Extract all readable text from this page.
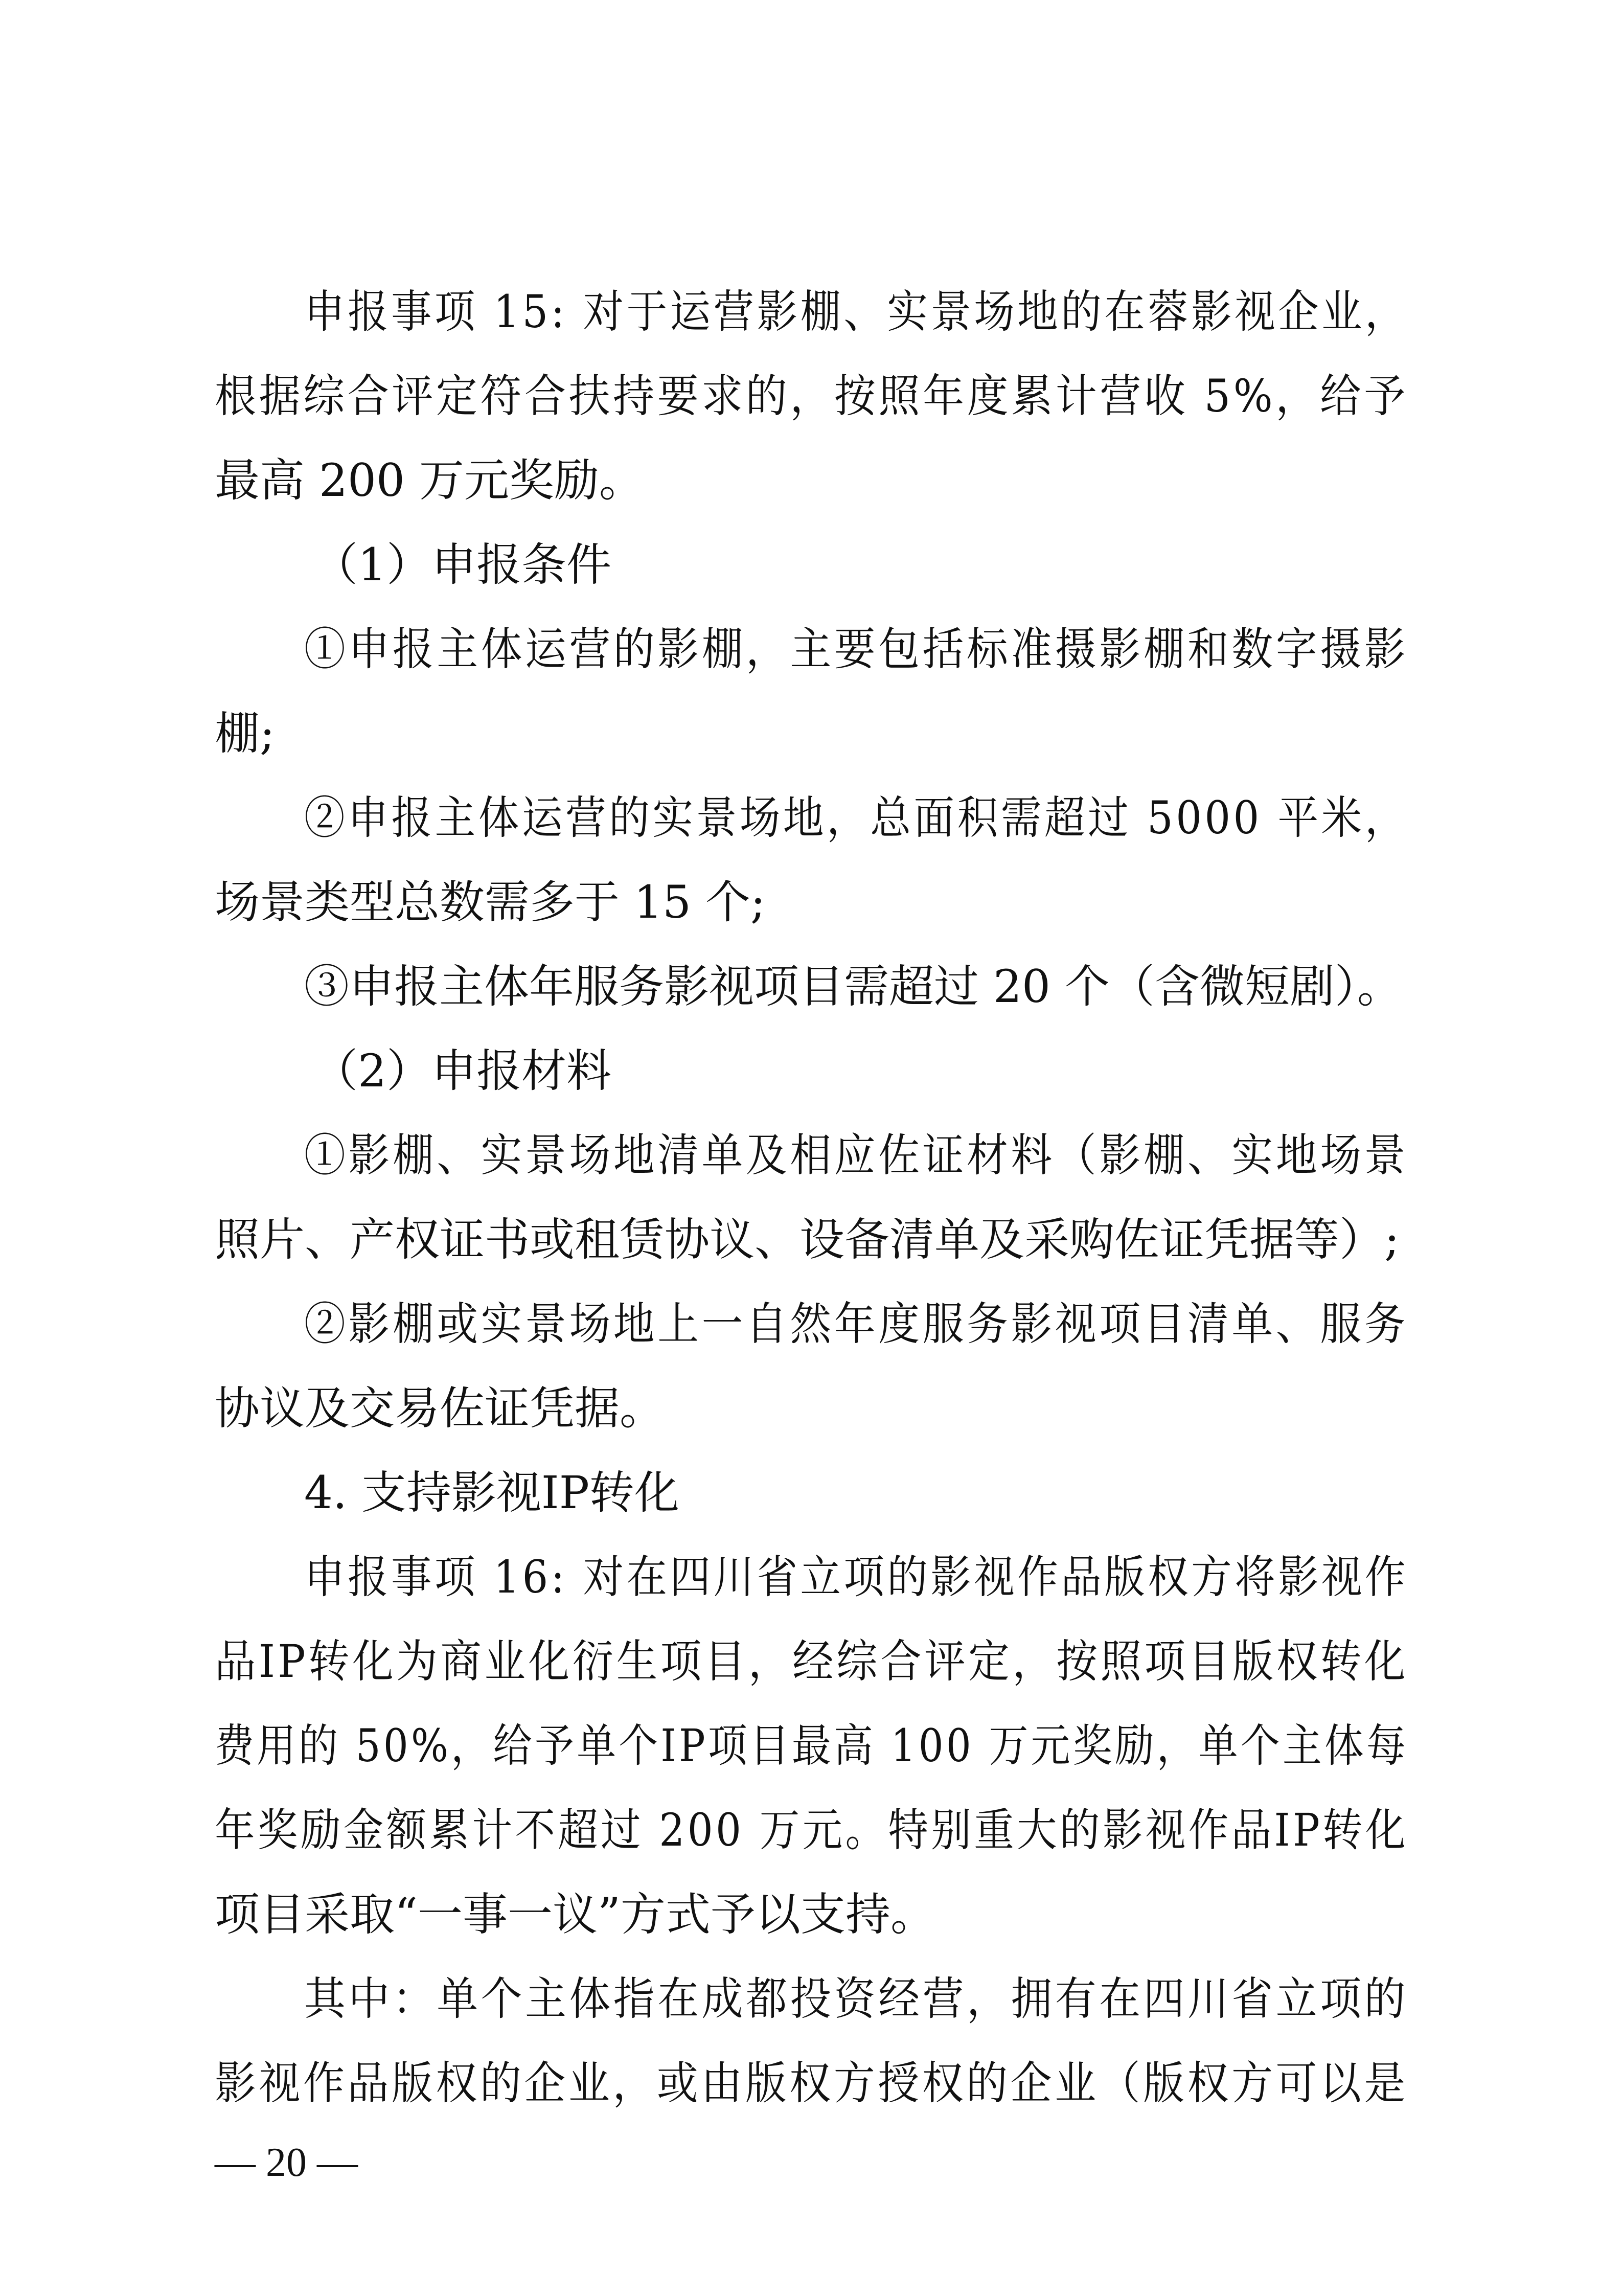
申报事项 15: 对于运营影棚、实景场地的在蓉影视企业，
根据综合评定符合扶持要求的，按照年度累计营收 5%，给予
最高 200 万元奖励。
（1）申报条件
①申报主体运营的影棚，主要包括标准摄影棚和数字摄影
棚;
②申报主体运营的实景场地，总面积需超过 5000 平米，
场景类型总数需多于 15 个;
③申报主体年服务影视项目需超过 20 个（含微短剧）。
（2）申报材料
①影棚、实景场地清单及相应佐证材料（影棚、实地场景
照片、产权证书或租赁协议、设备清单及采购佐证凭据等）;
②影棚或实景场地上一自然年度服务影视项目清单、服务
协议及交易佐证凭据。
4. 支持影视IP转化
申报事项 16: 对在四川省立项的影视作品版权方将影视作
品IP转化为商业化衍生项目，经综合评定，按照项目版权转化
费用的 50%，给予单个IP项目最高 100 万元奖励，单个主体每
年奖励金额累计不超过 200 万元。特别重大的影视作品IP转化
项目采取“一事一议”方式予以支持。
其中：单个主体指在成都投资经营，拥有在四川省立项的
影视作品版权的企业，或由版权方授权的企业（版权方可以是
— 20 —
